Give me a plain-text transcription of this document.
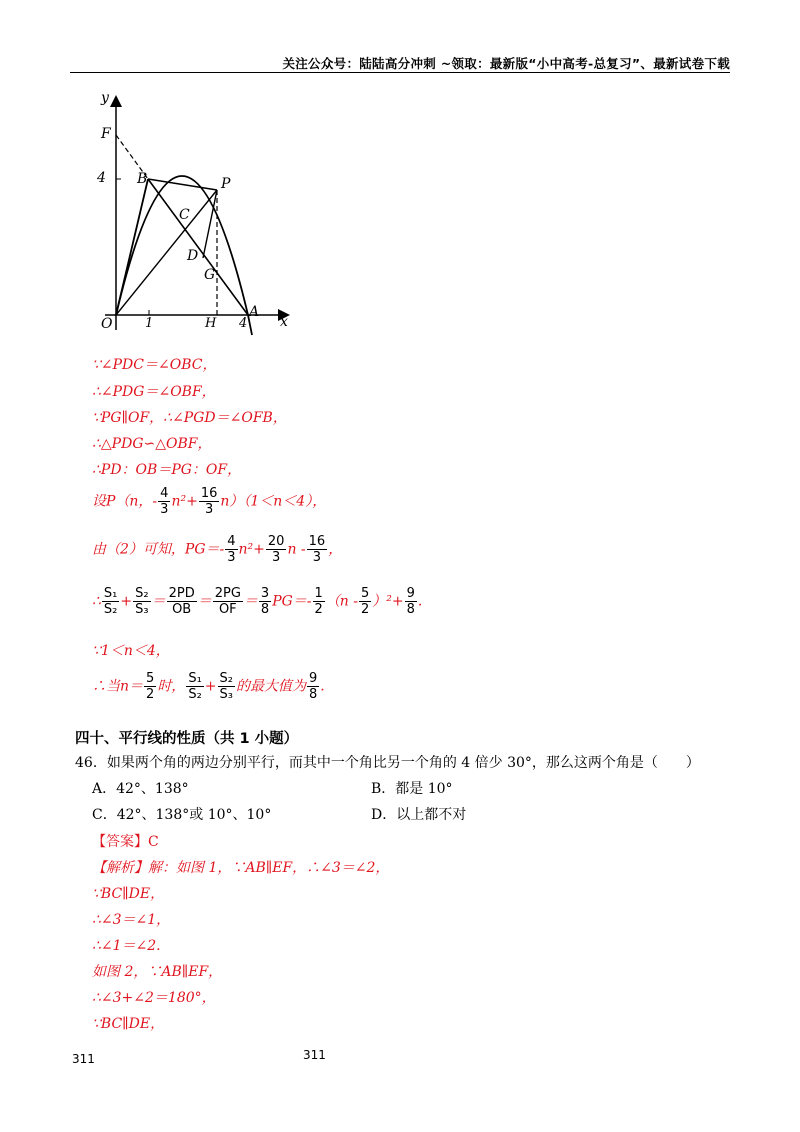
关注公众号：陆陆高分冲刺 ~领取：最新版“小中高考-总复习”、最新试卷下载
y
F
4 B	P
C
D
G
O	1	H 4
A
x
∵∠PDC＝∠OBC，
∴∠PDG＝∠OBF，
∵PG∥OF，∴∠PGD＝∠OFB，
∴△PDG∽△OBF，
∴PD：OB＝PG：OF，
设P（n，- $\frac{4}{3} n^2+ \frac{16}{3} n)(1<n<4)$，
由（2）可知，$PG=- \frac{4}{3} n^2+ \frac{20}{3}$ n - $\frac{16}{3}$ ，
∴ $\frac{\text{S₁}}{\text{S₂}} + \frac{\text{S₂}}{\text{S₃}} = \frac{2PD}{OB} = \frac{2PG}{OF} = \frac{3}{8} PG=- \frac{1}{2} (n - \frac{5}{2} )^2+ \frac{9}{8}$ .
∵1＜n＜4，
∴当$n= \frac{5}{2}$ 时， $\frac{\text{S₁}}{\text{S₂}} + \frac{\text{S₂}}{\text{S₃}}$ 的最大值为 $\frac{9}{8}$ .
四十、平行线的性质（共 1 小题）
46．如果两个角的两边分别平行，而其中一个角比另一个角的 4 倍少 30°，那么这两个角是（　　）
A．42°、138°	B．都是 10°
C．42°、138°或 10°、10°	D．以上都不对
【答案】C
【解析】解：如图 1，∵AB∥EF，∴∠3＝∠2，
∵BC∥DE，
∴∠3＝∠1，
∴∠1＝∠2.
如图 2，∵AB∥EF，
∴∠3+∠2＝180°，
∵BC∥DE，
311	311
